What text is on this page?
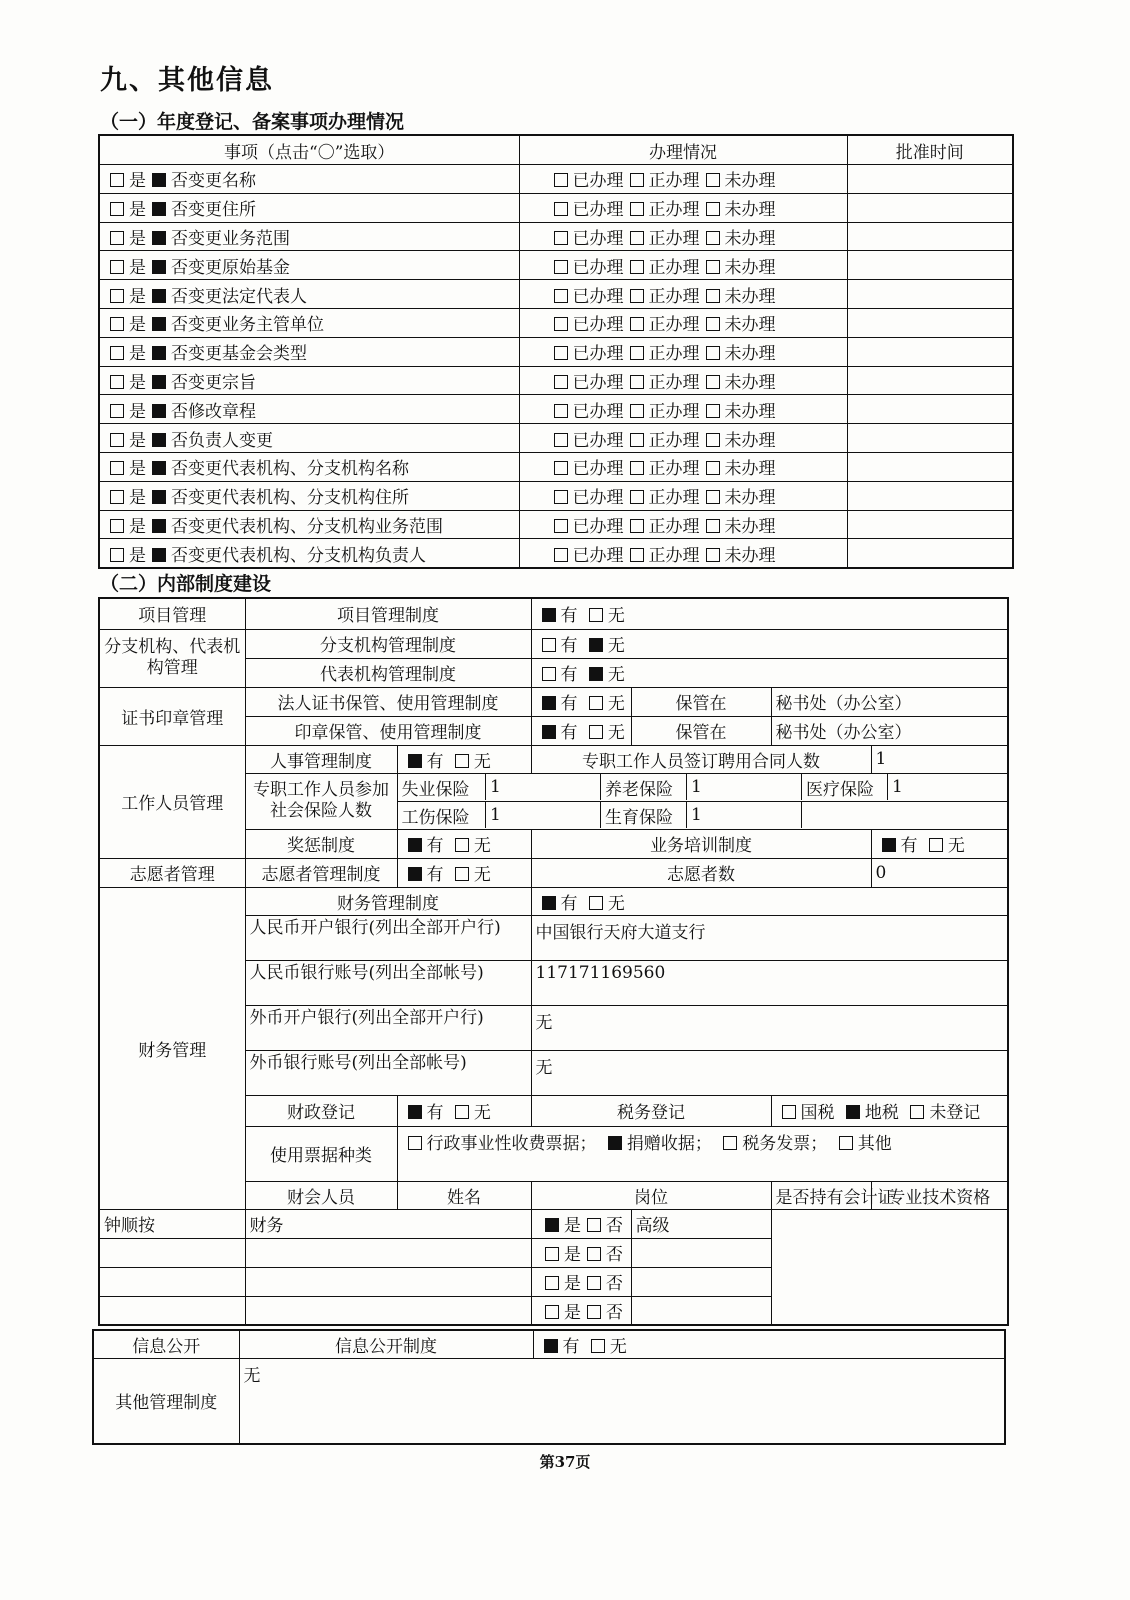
九、其他信息
（一）年度登记、备案事项办理情况
事项（点击“〇”选取）	办理情况	批准时间
是 否变更名称	已办理 正办理 未办理	
是 否变更住所	已办理 正办理 未办理	
是 否变更业务范围	已办理 正办理 未办理	
是 否变更原始基金	已办理 正办理 未办理	
是 否变更法定代表人	已办理 正办理 未办理	
是 否变更业务主管单位	已办理 正办理 未办理	
是 否变更基金会类型	已办理 正办理 未办理	
是 否变更宗旨	已办理 正办理 未办理	
是 否修改章程	已办理 正办理 未办理	
是 否负责人变更	已办理 正办理 未办理	
是 否变更代表机构、分支机构名称	已办理 正办理 未办理	
是 否变更代表机构、分支机构住所	已办理 正办理 未办理	
是 否变更代表机构、分支机构业务范围	已办理 正办理 未办理	
是 否变更代表机构、分支机构负责人	已办理 正办理 未办理	
（二）内部制度建设
项目管理	项目管理制度	有 无
分支机构、代表机构管理	分支机构管理制度	有 无
代表机构管理制度	有 无
证书印章管理	法人证书保管、使用管理制度	有 无	保管在	秘书处（办公室）
印章保管、使用管理制度	有 无	保管在	秘书处（办公室）
工作人员管理	人事管理制度	有 无	专职工作人员签订聘用合同人数	1
专职工作人员参加社会保险人数	
失业保险	1	养老保险	1	医疗保险	1

工伤保险	1	生育保险	1	

奖惩制度	有 无	业务培训制度	有 无
志愿者管理	志愿者管理制度	有 无	志愿者数	0
财务管理	财务管理制度	有 无
人民币开户银行(列出全部开户行)	中国银行天府大道支行
人民币银行账号(列出全部帐号)	117171169560
外币开户银行(列出全部开户行)	无
外币银行账号(列出全部帐号)	无
财政登记	有 无	税务登记	国税 地税 未登记
使用票据种类	行政事业性收费票据； 捐赠收据； 税务发票； 其他
财会人员	姓名	岗位	是否持有会计证	专业技术资格
钟顺按	财务	是 否	高级
		是 否	
		是 否	
		是 否	
信息公开	信息公开制度	有 无
其他管理制度	无	
第37页
